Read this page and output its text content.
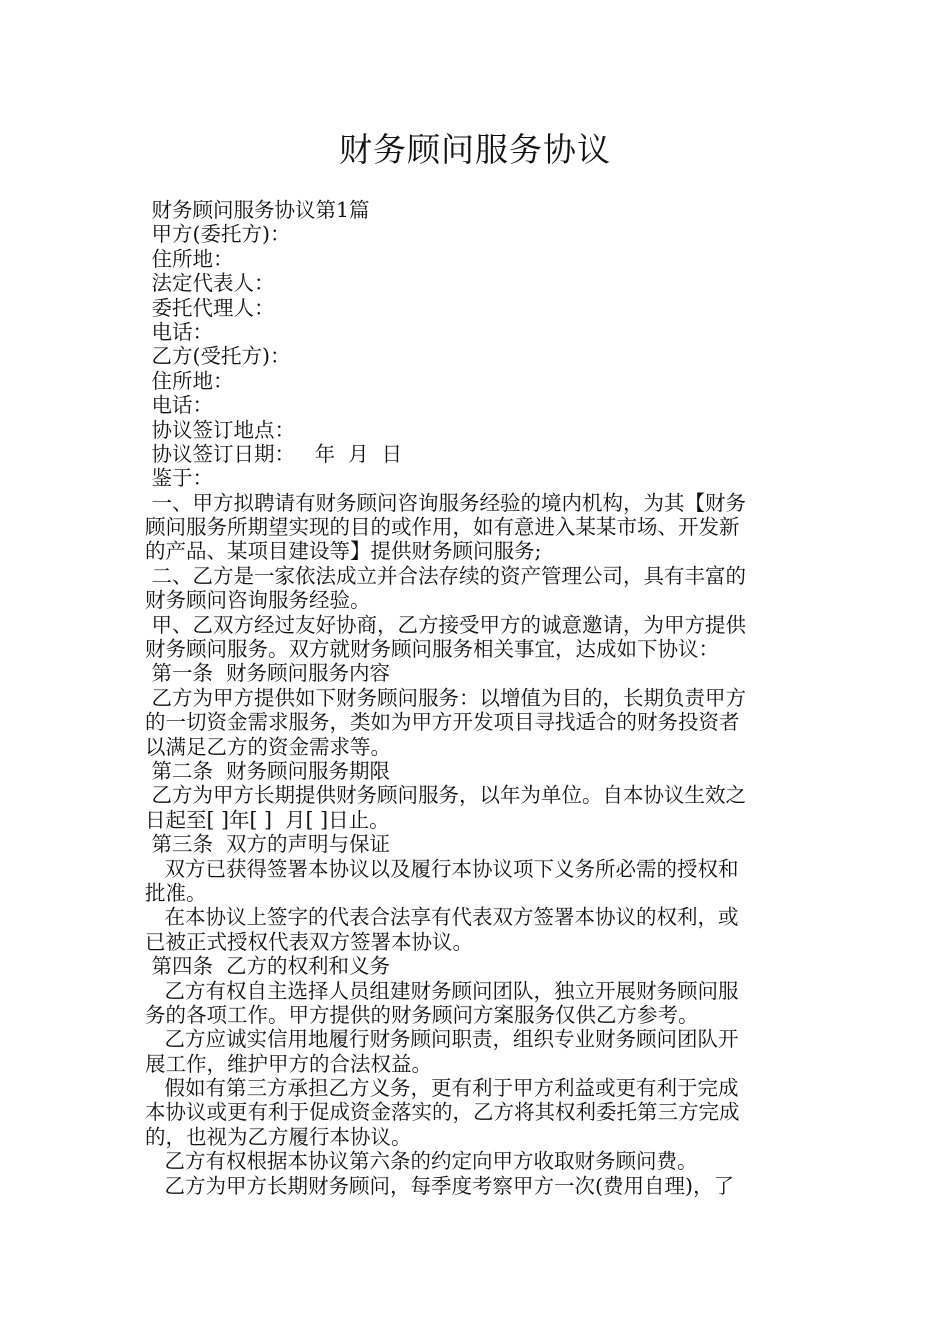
财务顾问服务协议

财务顾问服务协议第1篇

甲方(委托方)：

住所地：

法定代表人：

委托代理人：

电话：

乙方(受托方)：

住所地：

电话：

协议签订地点：

协议签订日期：   年  月  日

鉴于：

一、甲方拟聘请有财务顾问咨询服务经验的境内机构，为其【财务

顾问服务所期望实现的目的或作用，如有意进入某某市场、开发新

的产品、某项目建设等】提供财务顾问服务;

二、乙方是一家依法成立并合法存续的资产管理公司，具有丰富的

财务顾问咨询服务经验。

甲、乙双方经过友好协商，乙方接受甲方的诚意邀请，为甲方提供

财务顾问服务。双方就财务顾问服务相关事宜，达成如下协议：

第一条  财务顾问服务内容

乙方为甲方提供如下财务顾问服务：以增值为目的，长期负责甲方

的一切资金需求服务，类如为甲方开发项目寻找适合的财务投资者

以满足乙方的资金需求等。

第二条  财务顾问服务期限

乙方为甲方长期提供财务顾问服务，以年为单位。自本协议生效之

日起至[ ]年[ ]  月[ ]日止。

第三条  双方的声明与保证

双方已获得签署本协议以及履行本协议项下义务所必需的授权和

批准。

在本协议上签字的代表合法享有代表双方签署本协议的权利，或

已被正式授权代表双方签署本协议。

第四条  乙方的权利和义务

乙方有权自主选择人员组建财务顾问团队，独立开展财务顾问服

务的各项工作。甲方提供的财务顾问方案服务仅供乙方参考。

乙方应诚实信用地履行财务顾问职责，组织专业财务顾问团队开

展工作，维护甲方的合法权益。

假如有第三方承担乙方义务，更有利于甲方利益或更有利于完成

本协议或更有利于促成资金落实的，乙方将其权利委托第三方完成

的，也视为乙方履行本协议。

乙方有权根据本协议第六条的约定向甲方收取财务顾问费。

乙方为甲方长期财务顾问，每季度考察甲方一次(费用自理)，了
